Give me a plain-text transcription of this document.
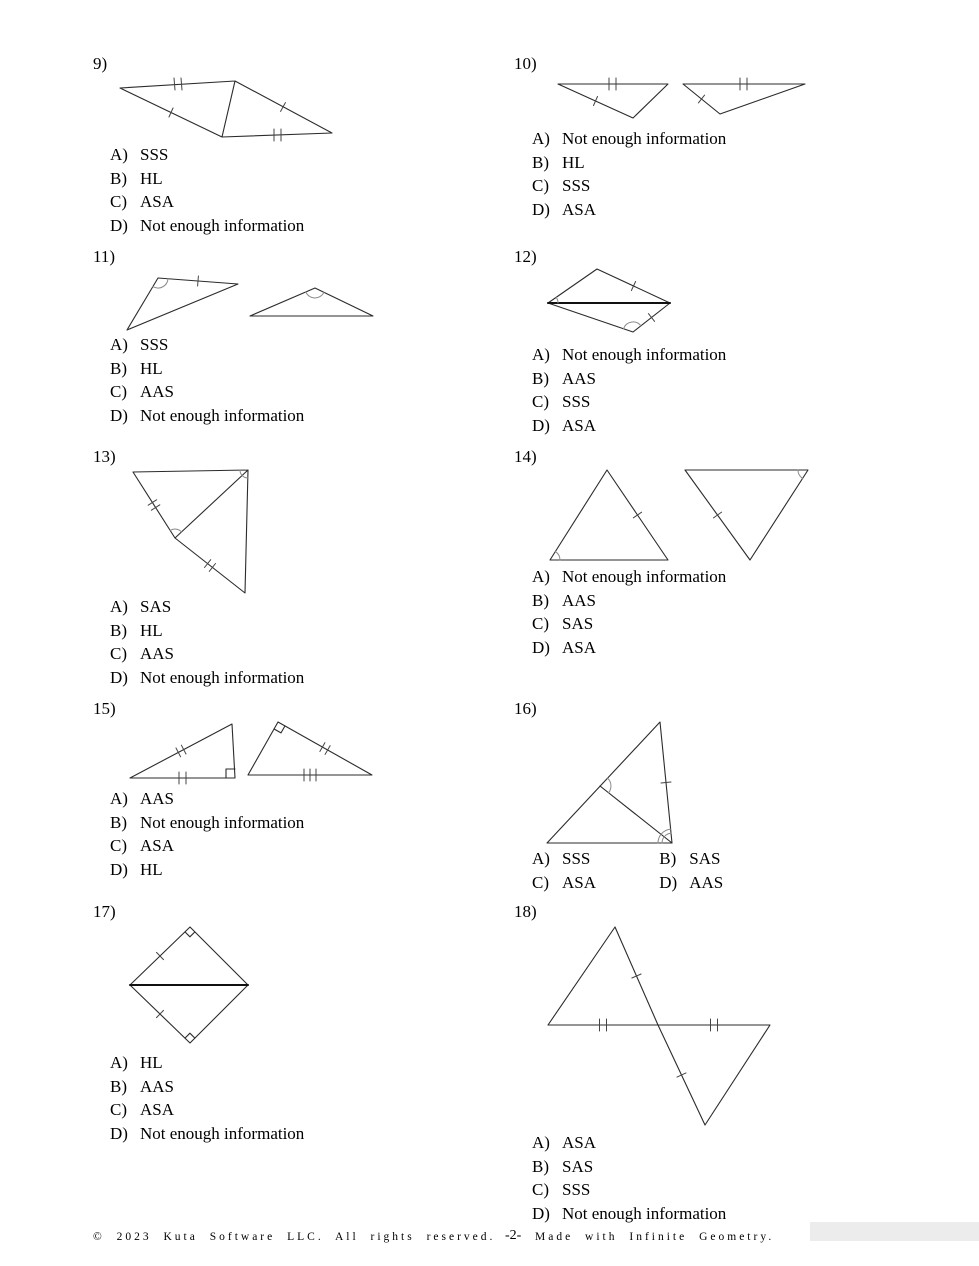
9)
A) SSS
B) HL
C) ASA
D) Not enough information
10)
A) Not enough information
B) HL
C) SSS
D) ASA
11)
A) SSS
B) HL
C) AAS
D) Not enough information
12)
A) Not enough information
B) AAS
C) SSS
D) ASA
13)
A) SAS
B) HL
C) AAS
D) Not enough information
14)
A) Not enough information
B) AAS
C) SAS
D) ASA
15)
A) AAS
B) Not enough information
C) ASA
D) HL
16)
A) SSS	B) SAS
C) ASA	D) AAS
17)
A) HL
B) AAS
C) ASA
D) Not enough information
18)
A) ASA
B) SAS
C) SSS
D) Not enough information
© 2023 Kuta Software LLC. All rights reserved.	Made with Infinite Geometry.
-2-
